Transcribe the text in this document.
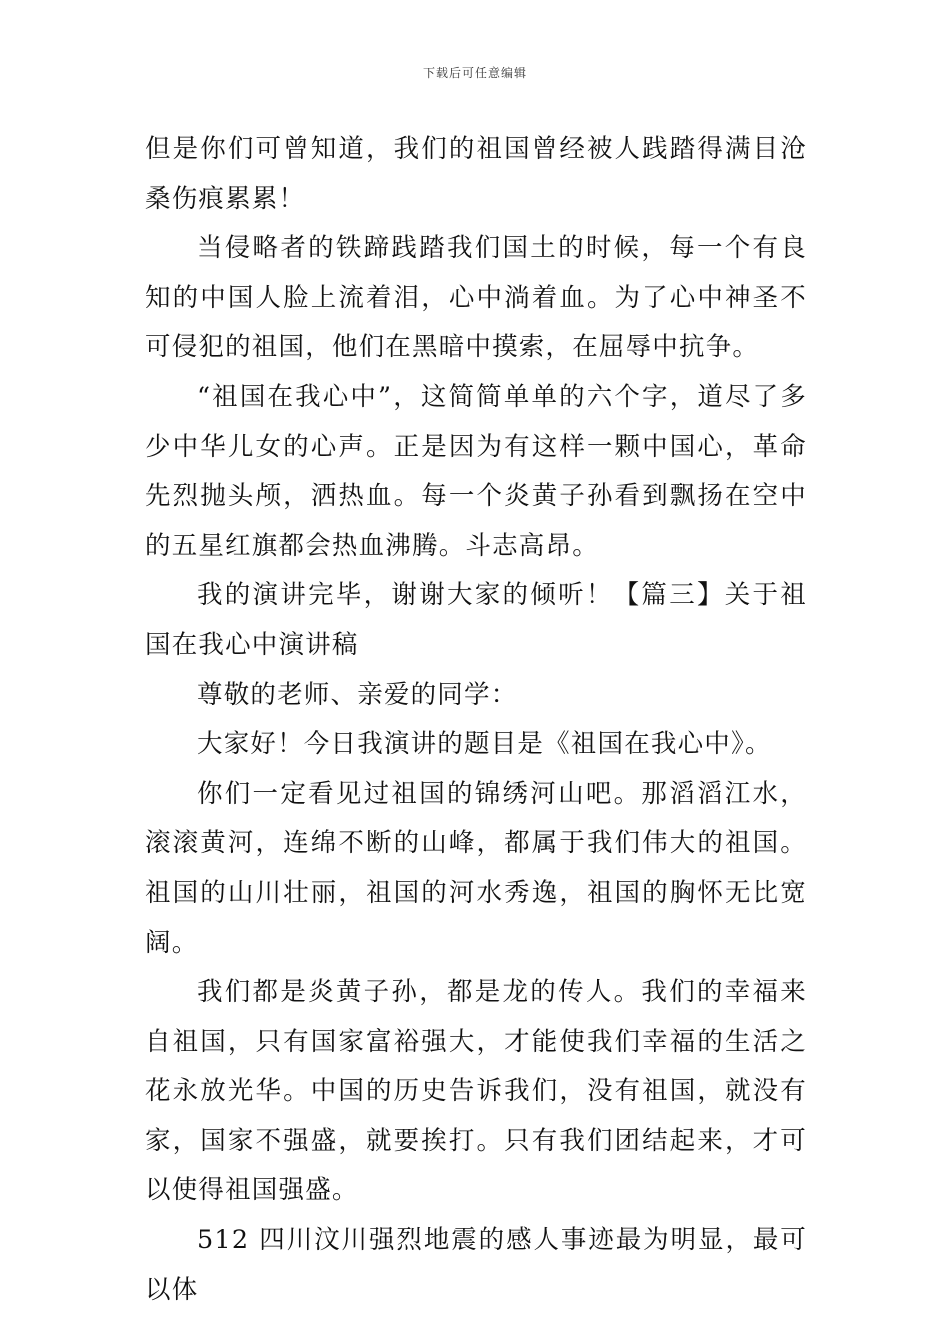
下载后可任意编辑

但是你们可曾知道，我们的祖国曾经被人践踏得满目沧桑伤痕累累！

当侵略者的铁蹄践踏我们国土的时候，每一个有良知的中国人脸上流着泪，心中淌着血。为了心中神圣不可侵犯的祖国，他们在黑暗中摸索，在屈辱中抗争。

“祖国在我心中”，这简简单单的六个字，道尽了多少中华儿女的心声。正是因为有这样一颗中国心，革命先烈抛头颅，洒热血。每一个炎黄子孙看到飘扬在空中的五星红旗都会热血沸腾。斗志高昂。

我的演讲完毕，谢谢大家的倾听！【篇三】关于祖国在我心中演讲稿

尊敬的老师、亲爱的同学：

大家好！今日我演讲的题目是《祖国在我心中》。

你们一定看见过祖国的锦绣河山吧。那滔滔江水，滚滚黄河，连绵不断的山峰，都属于我们伟大的祖国。祖国的山川壮丽，祖国的河水秀逸，祖国的胸怀无比宽阔。

我们都是炎黄子孙，都是龙的传人。我们的幸福来自祖国，只有国家富裕强大，才能使我们幸福的生活之花永放光华。中国的历史告诉我们，没有祖国，就没有家，国家不强盛，就要挨打。只有我们团结起来，才可以使得祖国强盛。

512 四川汶川强烈地震的感人事迹最为明显，最可以体
